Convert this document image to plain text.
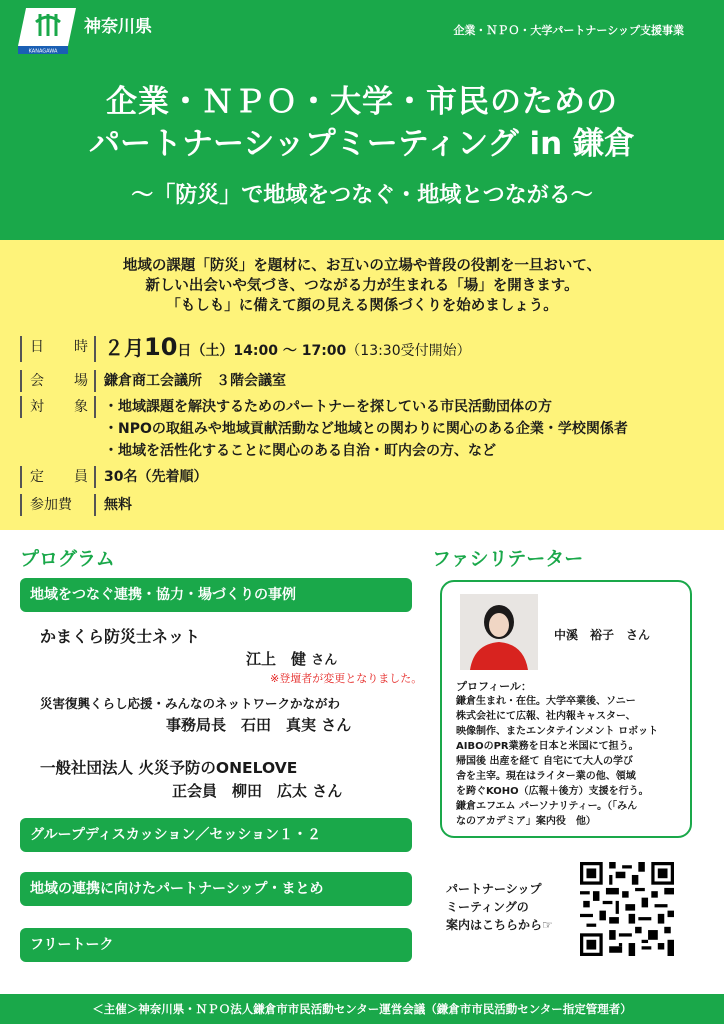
KANAGAWA
神奈川県	企業・ＮＰＯ・大学パートナーシップ支援事業
企業・ＮＰＯ・大学・市民のための
パートナーシップミーティング in 鎌倉
〜「防災」で地域をつなぐ・地域とつながる〜
地域の課題「防災」を題材に、お互いの立場や普段の役割を一旦おいて、
新しい出会いや気づき、つながる力が生まれる「場」を開きます。
「もしも」に備えて顔の見える関係づくりを始めましょう。
日 時 ２月10日（土）14:00 ～ 17:00（13:30受付開始）
会 場 鎌倉商工会議所　３階会議室
対 象 ・地域課題を解決するためのパートナーを探している市民活動団体の方
・NPOの取組みや地域貢献活動など地域との関わりに関心のある企業・学校関係者
・地域を活性化することに関心のある自治・町内会の方、など
定 員 30名（先着順）
参加費 無料
プログラム	ファシリテーター
地域をつなぐ連携・協力・場づくりの事例
かまくら防災士ネット
江上　健 さん
※登壇者が変更となりました。
災害復興くらし応援・みんなのネットワークかながわ
事務局長　石田　真実 さん
一般社団法人 火災予防のONELOVE
正会員　柳田　広太 さん
グループディスカッション／セッション１・２
地域の連携に向けたパートナーシップ・まとめ
フリートーク
中溪　裕子　さん
プロフィール：
鎌倉生まれ・在住。大学卒業後、ソニー
株式会社にて広報、社内報キャスター、
映像制作、またエンタテインメント ロボット
AIBOのPR業務を日本と米国にて担う。
帰国後 出産を経て 自宅にて大人の学び
舎を主宰。現在はライター業の他、領域
を跨ぐKOHO（広報＋後方）支援を行う。
鎌倉エフエム パーソナリティー。（「みん
なのアカデミア」案内役　他）
パートナーシップ
ミーティングの
案内はこちらから☞
＜主催＞神奈川県・ＮＰＯ法人鎌倉市市民活動センター運営会議（鎌倉市市民活動センター指定管理者）
